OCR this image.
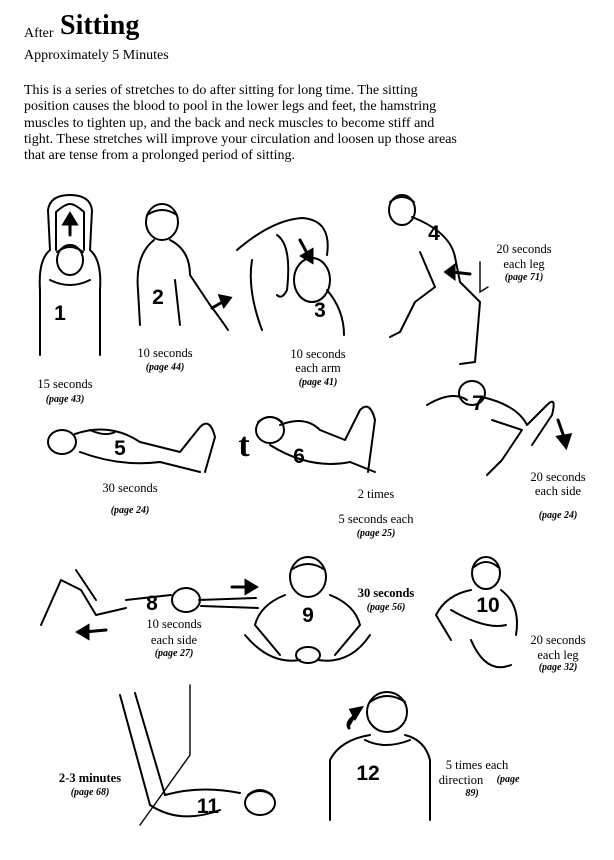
After Sitting
Approximately 5 Minutes
This is a series of stretches to do after sitting for long time. The sitting position causes the blood to pool in the lower legs and feet, the hamstring muscles to tighten up, and the back and neck muscles to become stiff and tight. These stretches will improve your circulation and loosen up those areas that are tense from a prolonged period of sitting.
1
15 seconds
(page 43)
2
10 seconds
(page 44)
3
10 seconds
each arm
(page 41)
4
20 seconds
each leg
(page 71)
5
30 seconds
(page 24)
t	6
2 times
5 seconds each
(page 25)
7
20 seconds
each side
(page 24)
8
10 seconds
each side
(page 27)
9
30 seconds
(page 56)	10
20 seconds
each leg
(page 32)
11
2-3 minutes
(page 68)
12	5 times each
direction	(page
89)
